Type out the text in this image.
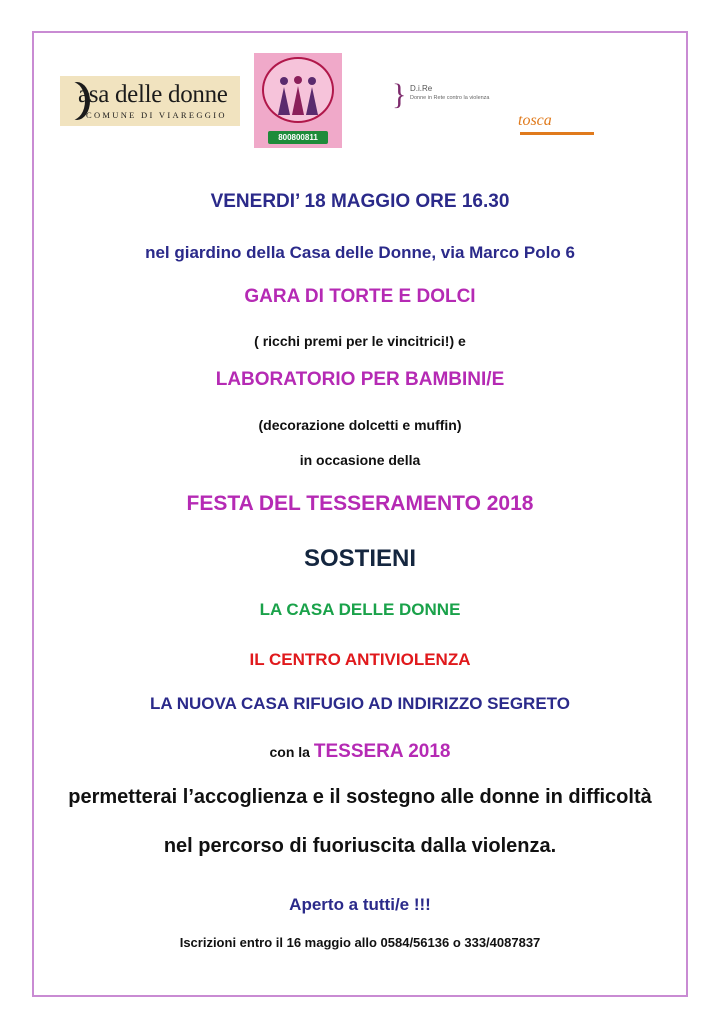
asa delle donne
COMUNE DI VIAREGGIO
800800811
} D.i.Re
Donne in Rete contro la violenza
tosca
VENERDI’ 18 MAGGIO ORE 16.30
nel giardino della Casa delle Donne, via Marco Polo 6
GARA DI TORTE E DOLCI
( ricchi premi per le vincitrici!) e
LABORATORIO PER BAMBINI/E
(decorazione dolcetti e muffin)
in occasione della
FESTA DEL TESSERAMENTO 2018
SOSTIENI
LA CASA DELLE DONNE
IL CENTRO ANTIVIOLENZA
LA NUOVA CASA RIFUGIO AD INDIRIZZO SEGRETO
con la TESSERA 2018
permetterai l’accoglienza e il sostegno alle donne in difficoltà
nel percorso di fuoriuscita dalla violenza.
Aperto a tutti/e !!!
Iscrizioni entro il 16 maggio allo 0584/56136 o 333/4087837
